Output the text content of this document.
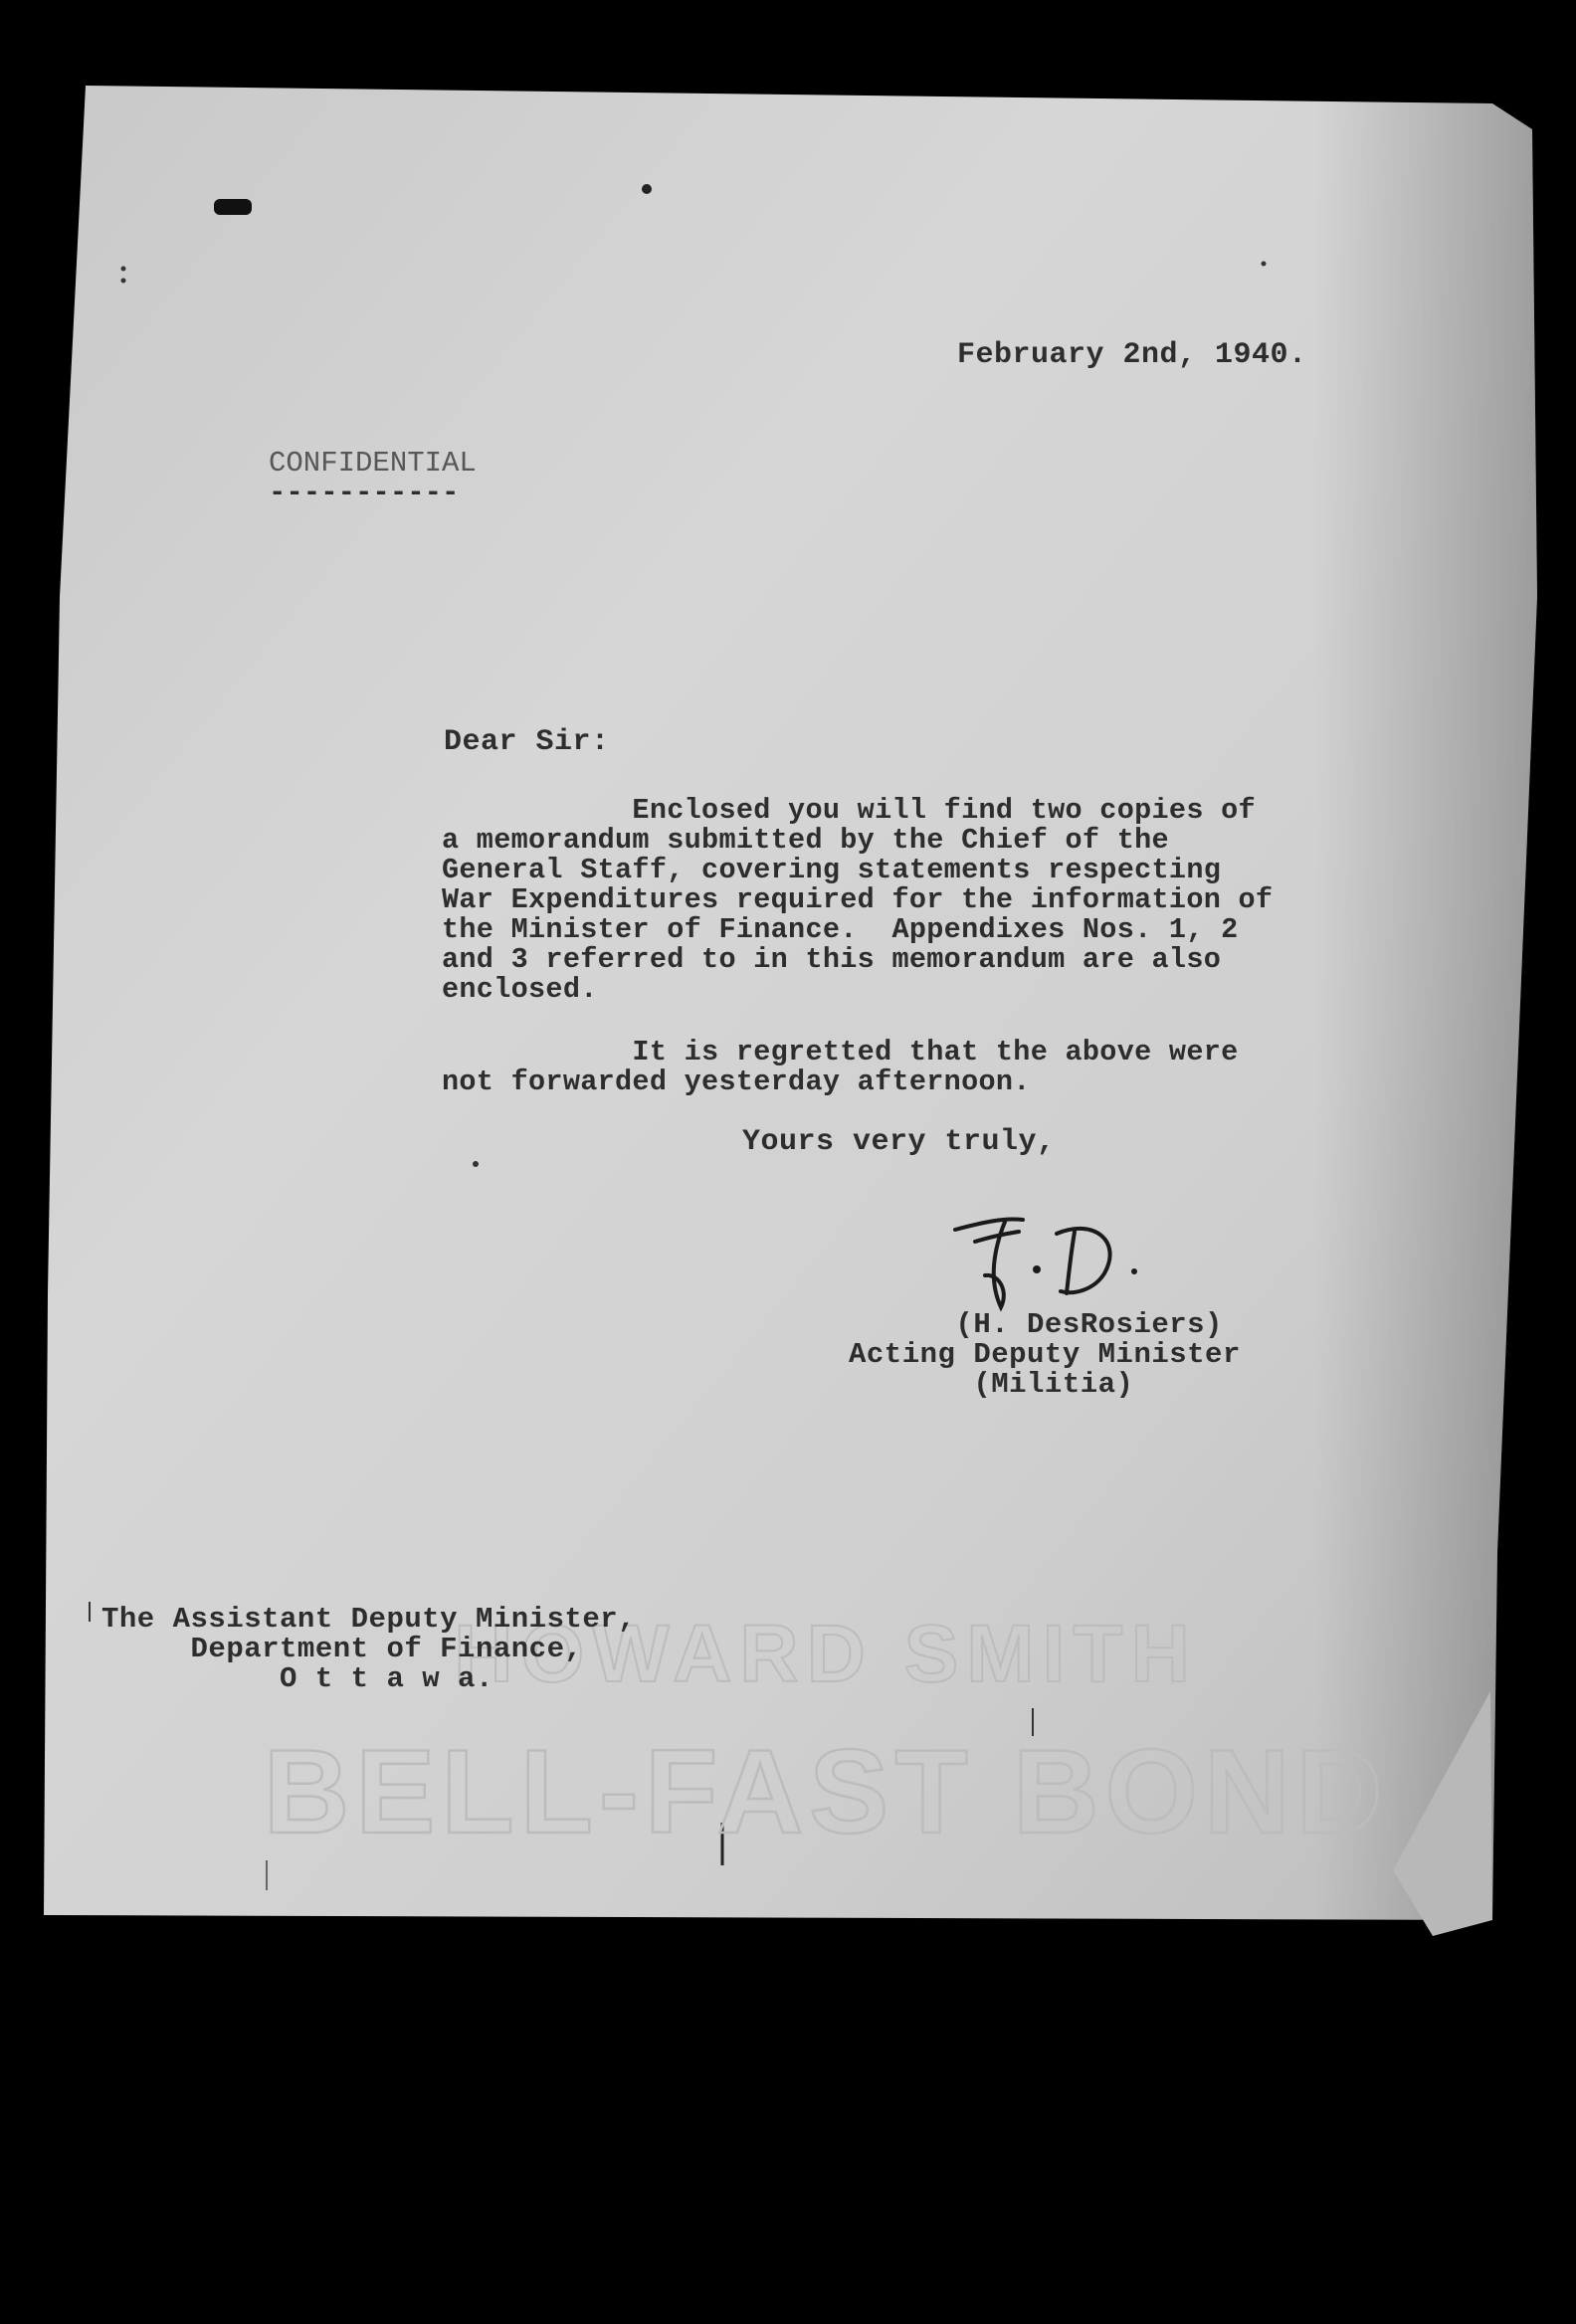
HOWARD SMITH
BELL-FAST BOND
February 2nd, 1940.
CONFIDENTIAL
-----------
Dear Sir:
Enclosed you will find two copies of
a memorandum submitted by the Chief of the
General Staff, covering statements respecting
War Expenditures required for the information of
the Minister of Finance.  Appendixes Nos. 1, 2
and 3 referred to in this memorandum are also
enclosed.
It is regretted that the above were
not forwarded yesterday afternoon.
Yours very truly,
(H. DesRosiers)
Acting Deputy Minister
(Militia)
The Assistant Deputy Minister,
Department of Finance,
O t t a w a.
